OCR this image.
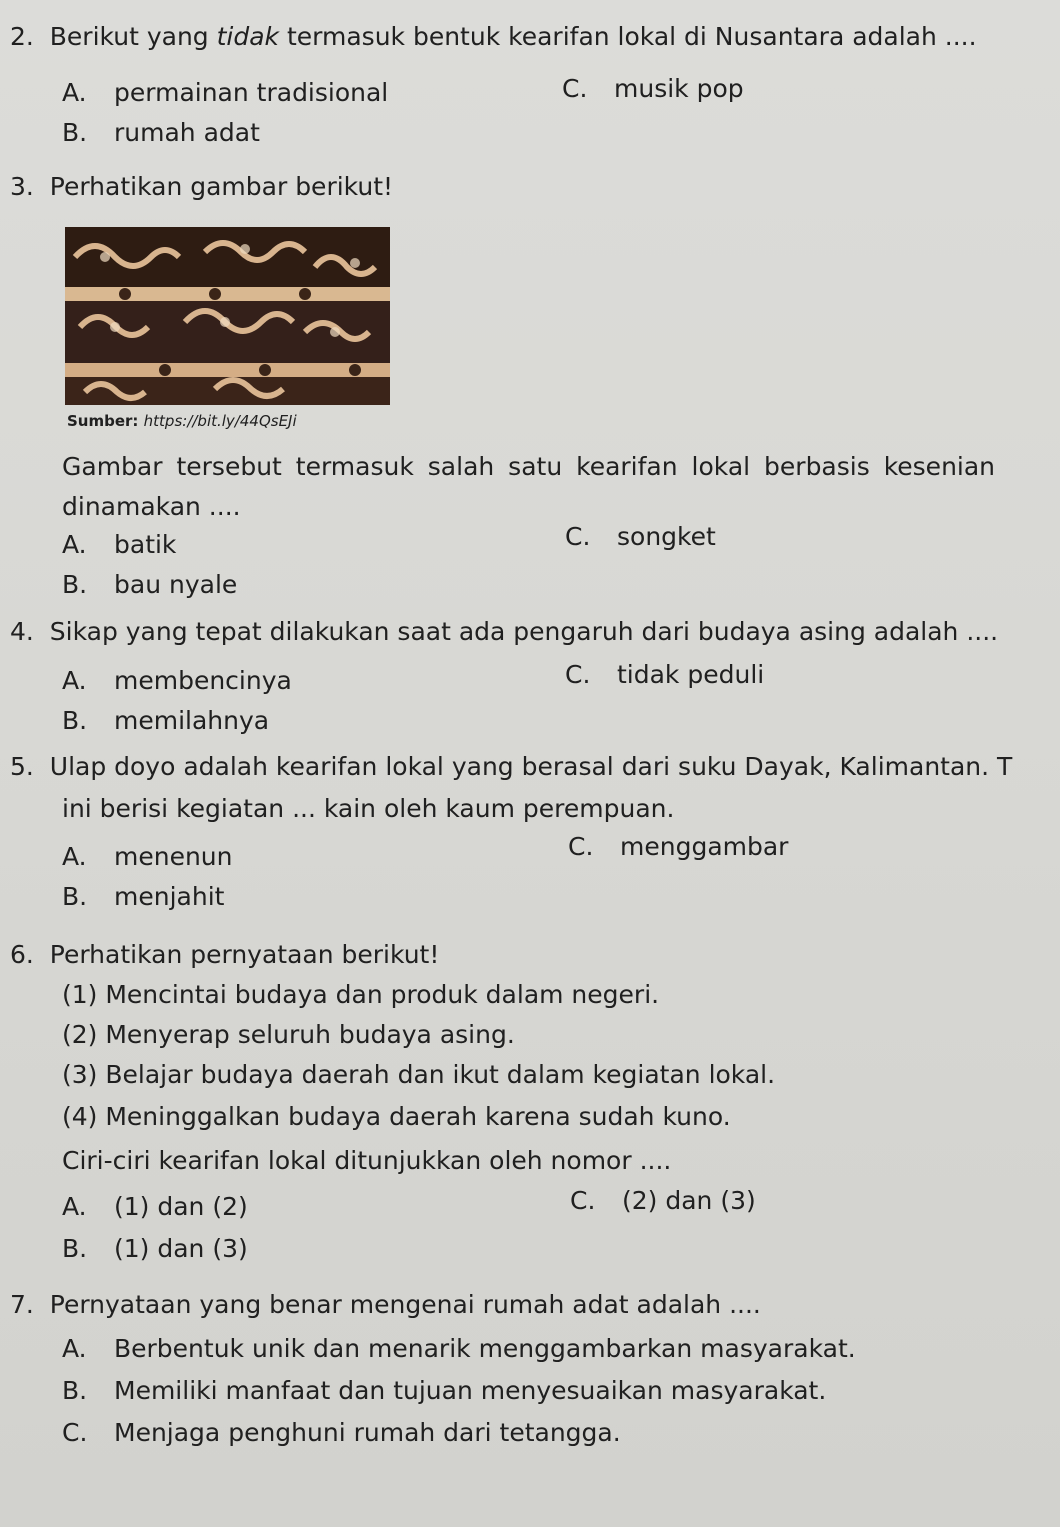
2. Berikut yang tidak termasuk bentuk kearifan lokal di Nusantara adalah ....
A. permainan tradisional
B. rumah adat
C. musik pop
3. Perhatikan gambar berikut!
Sumber: https://bit.ly/44QsEJi
Gambar tersebut termasuk salah satu kearifan lokal berbasis kesenian
dinamakan ....
A. batik
B. bau nyale
C. songket
4. Sikap yang tepat dilakukan saat ada pengaruh dari budaya asing adalah ....
A. membencinya
B. memilahnya
C. tidak peduli
5. Ulap doyo adalah kearifan lokal yang berasal dari suku Dayak, Kalimantan. T
ini berisi kegiatan ... kain oleh kaum perempuan.
A. menenun
B. menjahit
C. menggambar
6. Perhatikan pernyataan berikut!
(1) Mencintai budaya dan produk dalam negeri.
(2) Menyerap seluruh budaya asing.
(3) Belajar budaya daerah dan ikut dalam kegiatan lokal.
(4) Meninggalkan budaya daerah karena sudah kuno.
Ciri-ciri kearifan lokal ditunjukkan oleh nomor ....
A. (1) dan (2)
B. (1) dan (3)
C. (2) dan (3)
7. Pernyataan yang benar mengenai rumah adat adalah ....
A. Berbentuk unik dan menarik menggambarkan masyarakat.
B. Memiliki manfaat dan tujuan menyesuaikan masyarakat.
C. Menjaga penghuni rumah dari tetangga.
